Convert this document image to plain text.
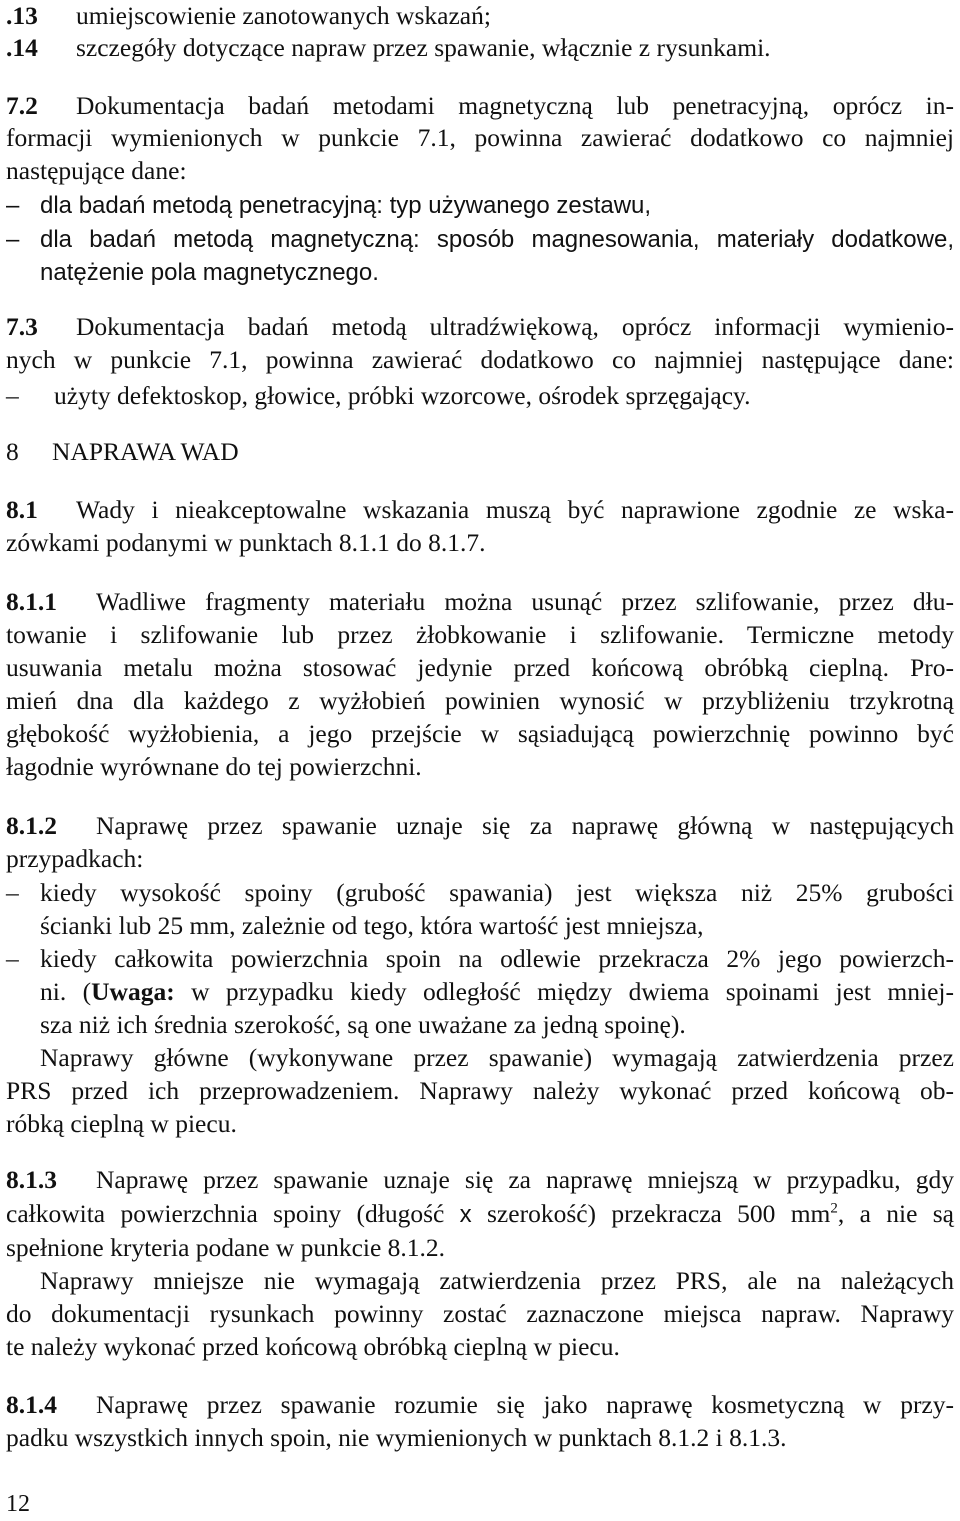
.13 umiejscowienie zanotowanych wskazań;
.14 szczegóły dotyczące napraw przez spawanie, włącznie z rysunkami.
7.2 Dokumentacja badań metodami magnetyczną lub penetracyjną, oprócz in-
formacji wymienionych w punkcie 7.1, powinna zawierać dodatkowo co najmniej
następujące dane:
– dla badań metodą penetracyjną: typ używanego zestawu,
– dla badań metodą magnetyczną: sposób magnesowania, materiały dodatkowe,
natężenie pola magnetycznego.
7.3 Dokumentacja badań metodą ultradźwiękową, oprócz informacji wymienio-
nych w punkcie 7.1, powinna zawierać dodatkowo co najmniej następujące dane:
–	użyty defektoskop, głowice, próbki wzorcowe, ośrodek sprzęgający.
8 NAPRAWA WAD
8.1 Wady i nieakceptowalne wskazania muszą być naprawione zgodnie ze wska-
zówkami podanymi w punktach 8.1.1 do 8.1.7.
8.1.1 Wadliwe fragmenty materiału można usunąć przez szlifowanie, przez dłu-
towanie i szlifowanie lub przez żłobkowanie i szlifowanie. Termiczne metody
usuwania metalu można stosować jedynie przed końcową obróbką cieplną. Pro-
mień dna dla każdego z wyżłobień powinien wynosić w przybliżeniu trzykrotną
głębokość wyżłobienia, a jego przejście w sąsiadującą powierzchnię powinno być
łagodnie wyrównane do tej powierzchni.
8.1.2 Naprawę przez spawanie uznaje się za naprawę główną w następujących
przypadkach:
– kiedy wysokość spoiny (grubość spawania) jest większa niż 25% grubości
ścianki lub 25 mm, zależnie od tego, która wartość jest mniejsza,
– kiedy całkowita powierzchnia spoin na odlewie przekracza 2% jego powierzch-
ni. (Uwaga: w przypadku kiedy odległość między dwiema spoinami jest mniej-
sza niż ich średnia szerokość, są one uważane za jedną spoinę).
Naprawy główne (wykonywane przez spawanie) wymagają zatwierdzenia przez
PRS przed ich przeprowadzeniem. Naprawy należy wykonać przed końcową ob-
róbką cieplną w piecu.
8.1.3 Naprawę przez spawanie uznaje się za naprawę mniejszą w przypadku, gdy
całkowita powierzchnia spoiny (długość x szerokość) przekracza 500 $mm^2$, a nie są
spełnione kryteria podane w punkcie 8.1.2.
Naprawy mniejsze nie wymagają zatwierdzenia przez PRS, ale na należących
do dokumentacji rysunkach powinny zostać zaznaczone miejsca napraw. Naprawy
te należy wykonać przed końcową obróbką cieplną w piecu.
8.1.4 Naprawę przez spawanie rozumie się jako naprawę kosmetyczną w przy-
padku wszystkich innych spoin, nie wymienionych w punktach 8.1.2 i 8.1.3.
12
